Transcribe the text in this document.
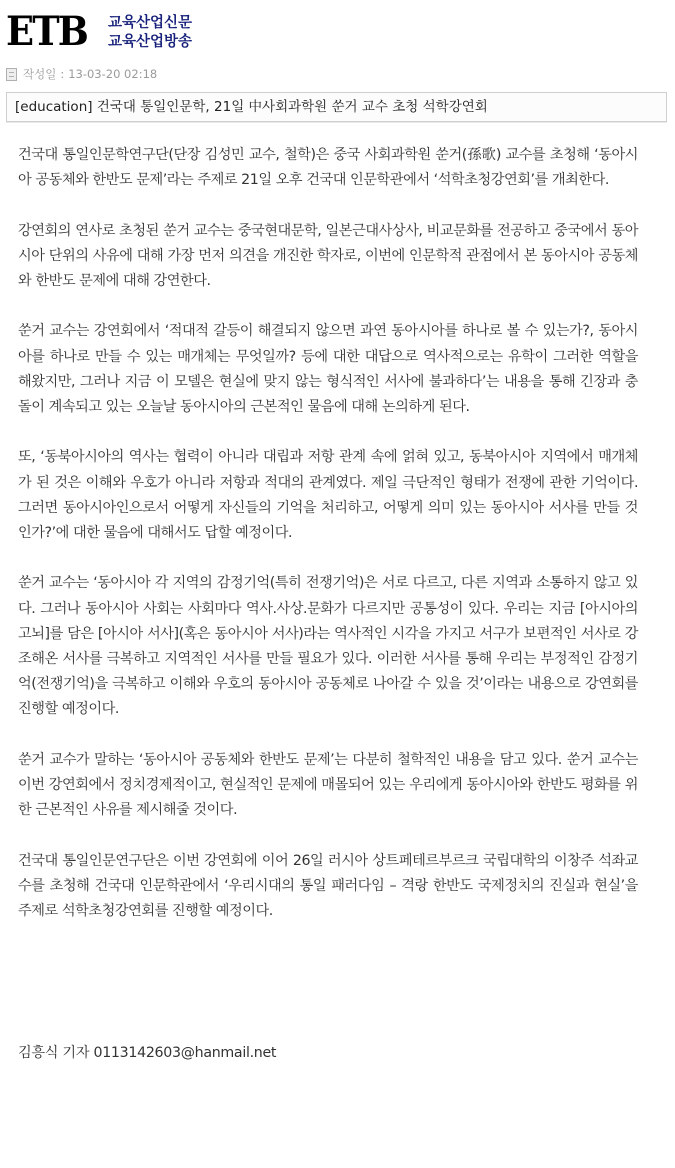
ETB 교육산업신문
교육산업방송
작성일 : 13-03-20 02:18
[education] 건국대 통일인문학, 21일 中사회과학원 쑨거 교수 초청 석학강연회

건국대 통일인문학연구단(단장 김성민 교수, 철학)은 중국 사회과학원 쑨거(孫歌) 교수를 초청해 ‘동아시아 공동체와 한반도 문제’라는 주제로 21일 오후 건국대 인문학관에서 ‘석학초청강연회’를 개최한다.

강연회의 연사로 초청된 쑨거 교수는 중국현대문학, 일본근대사상사, 비교문화를 전공하고 중국에서 동아시아 단위의 사유에 대해 가장 먼저 의견을 개진한 학자로, 이번에 인문학적 관점에서 본 동아시아 공동체와 한반도 문제에 대해 강연한다.

쑨거 교수는 강연회에서 ‘적대적 갈등이 해결되지 않으면 과연 동아시아를 하나로 볼 수 있는가?, 동아시아를 하나로 만들 수 있는 매개체는 무엇일까? 등에 대한 대답으로 역사적으로는 유학이 그러한 역할을 해왔지만, 그러나 지금 이 모델은 현실에 맞지 않는 형식적인 서사에 불과하다’는 내용을 통해 긴장과 충돌이 계속되고 있는 오늘날 동아시아의 근본적인 물음에 대해 논의하게 된다.

또, ‘동북아시아의 역사는 협력이 아니라 대립과 저항 관계 속에 얽혀 있고, 동북아시아 지역에서 매개체가 된 것은 이해와 우호가 아니라 저항과 적대의 관계였다. 제일 극단적인 형태가 전쟁에 관한 기억이다. 그러면 동아시아인으로서 어떻게 자신들의 기억을 처리하고, 어떻게 의미 있는 동아시아 서사를 만들 것인가?’에 대한 물음에 대해서도 답할 예정이다.

쑨거 교수는 ‘동아시아 각 지역의 감정기억(특히 전쟁기억)은 서로 다르고, 다른 지역과 소통하지 않고 있다. 그러나 동아시아 사회는 사회마다 역사.사상.문화가 다르지만 공통성이 있다. 우리는 지금 [아시아의 고뇌]를 담은 [아시아 서사](혹은 동아시아 서사)라는 역사적인 시각을 가지고 서구가 보편적인 서사로 강조해온 서사를 극복하고 지역적인 서사를 만들 필요가 있다. 이러한 서사를 통해 우리는 부정적인 감정기억(전쟁기억)을 극복하고 이해와 우호의 동아시아 공동체로 나아갈 수 있을 것’이라는 내용으로 강연회를 진행할 예정이다.

쑨거 교수가 말하는 ‘동아시아 공동체와 한반도 문제’는 다분히 철학적인 내용을 담고 있다. 쑨거 교수는 이번 강연회에서 정치경제적이고, 현실적인 문제에 매몰되어 있는 우리에게 동아시아와 한반도 평화를 위한 근본적인 사유를 제시해줄 것이다.

건국대 통일인문연구단은 이번 강연회에 이어 26일 러시아 상트페테르부르크 국립대학의 이창주 석좌교수를 초청해 건국대 인문학관에서 ‘우리시대의 통일 패러다임 – 격랑 한반도 국제정치의 진실과 현실’을 주제로 석학초청강연회를 진행할 예정이다.

김흥식 기자 0113142603@hanmail.net
